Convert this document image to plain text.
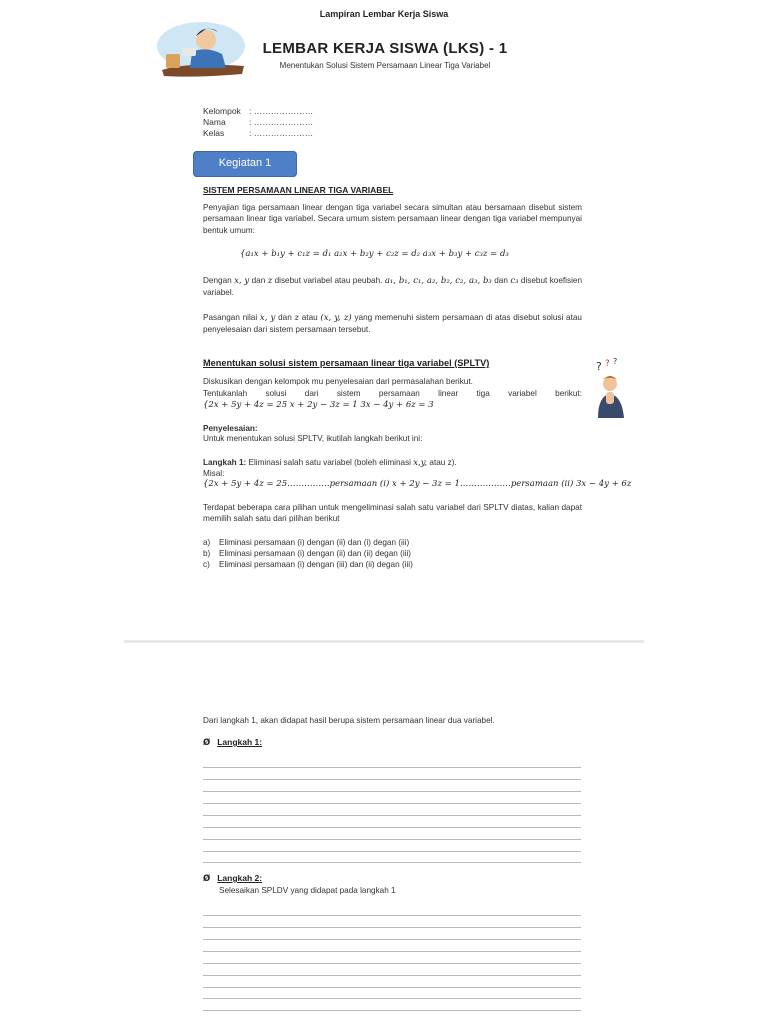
Lampiran Lembar Kerja Siswa
LEMBAR KERJA SISWA (LKS) - 1
Menentukan Solusi Sistem Persamaan Linear Tiga Variabel
Kelompok : …………………
Nama	: …………………
Kelas	: …………………
Kegiatan 1
SISTEM PERSAMAAN LINEAR TIGA VARIABEL
Penyajian tiga persamaan linear dengan tiga variabel secara simultan atau bersamaan disebut sistem persamaan linear tiga variabel. Secara umum sistem persamaan linear dengan tiga variabel mempunyai bentuk umum:
{a₁x + b₁y + c₁z = d₁ a₂x + b₂y + c₂z = d₂ a₃x + b₃y + c₃z = d₃
Dengan x, y dan z disebut variabel atau peubah. a₁, b₁, c₁, a₂, b₂, c₂, a₃, b₃ dan c₃ disebut koefisien variabel.
Pasangan nilai x, y dan z atau (x, y, z) yang memenuhi sistem persamaan di atas disebut solusi atau penyelesaian dari sistem persamaan tersebut.
Menentukan solusi sistem persamaan linear tiga variabel (SPLTV)	? ? ?
Diskusikan dengan kelompok mu penyelesaian dari permasalahan berikut.
Tentukanlah solusi dari sistem persamaan linear tiga variabel berikut:
{2x + 5y + 4z = 25 x + 2y − 3z = 1 3x − 4y + 6z = 3
Penyelesaian:
Untuk menentukan solusi SPLTV, ikutilah langkah berikut ini:
Langkah 1: Eliminasi salah satu variabel (boleh eliminasi x,y, atau z).
Misal:
{2x + 5y + 4z = 25……………persamaan (i) x + 2y − 3z = 1………………persamaan (ii) 3x − 4y + 6z
Terdapat beberapa cara pilihan untuk mengeliminasi salah satu variabel dari SPLTV diatas, kalian dapat memilih salah satu dari pilihan berikut
a) Eliminasi persamaan (i) dengan (ii) dan (i) degan (iii)
b) Eliminasi persamaan (i) dengan (ii) dan (ii) degan (iii)
c) Eliminasi persamaan (i) dengan (iii) dan (ii) degan (iii)
Dari langkah 1, akan didapat hasil berupa sistem persamaan linear dua variabel.
Ø Langkah 1:
Ø Langkah 2:
Selesaikan SPLDV yang didapat pada langkah 1
